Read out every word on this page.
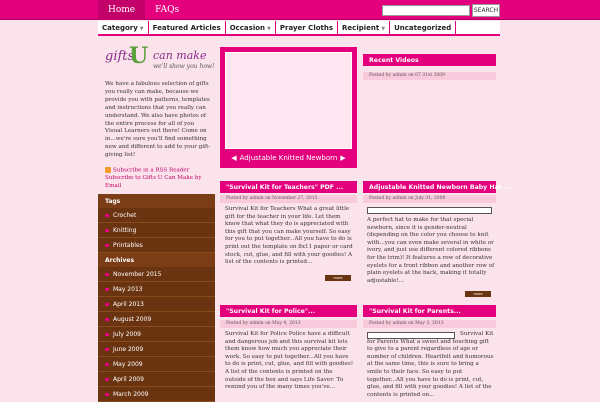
Home	FAQs	SEARCH
Category ▼	Featured Articles	Occasion ▼	Prayer Cloths	Recipient ▼	Uncategorized
gifts
U can make
we'll show you how!
We have a fabulous selection of gifts you really can make, because we provide you with patterns, templates and instructions that you really can understand. We also have photos of the entire process for all of you Visual Learners out there! Come on in...we're sure you'll find something new and different to add to your gift-giving list!
Subscribe in a RSS Reader
Subscribe to Gifts U Can Make by Email
Tags
Crochet
Knitting
Printables
Archives
November 2015
May 2013
April 2013
August 2009
July 2009
June 2009
May 2009
April 2009
March 2009
◀ Adjustable Knitted Newborn ▶
Recent Videos
Posted by admin on 07 31st 2009
"Survival Kit for Teachers" PDF ...
Posted by admin on November 27, 2015
Survival Kit for Teachers What a great little gift for the teacher in your life. Let them know that what they do is appreciated with this gift that you can make yourself. So easy for you to put together...All you have to do is print out the template on 8x11 paper or card stock, cut, glue, and fill with your goodies! A list of the contents is printed...
more
Adjustable Knitted Newborn Baby Hat ...
Posted by admin on July 31, 2009
A perfect hat to make for that special newborn, since it is gender-neutral (depending on the color you choose to knit with...you can even make several in white or ivory, and just use different colored ribbons for the trim)! It features a row of decorative eyelets for a front ribbon and another row of plain eyelets at the back, making it totally adjustable!...
more
"Survival Kit for Police"...
Posted by admin on May 4, 2013
Survival Kit for Police Police have a difficult and dangerous job and this survival kit lets them know how much you appreciate their work. So easy to put together...All you have to do is print, cut, glue, and fill with goodies! A list of the contents is printed on the outside of the box and says Life Saver: To remind you of the many times you've...
"Survival Kit for Parents...
Posted by admin on May 3, 2013
Survival Kit for Parents What a sweet and touching gift to give to a parent regardless of age or number of children. Heartfelt and humorous at the same time, this is sure to bring a smile to their face. So easy to put together...All you have to do is print, cut, glue, and fill with your goodies! A list of the contents is printed on...
